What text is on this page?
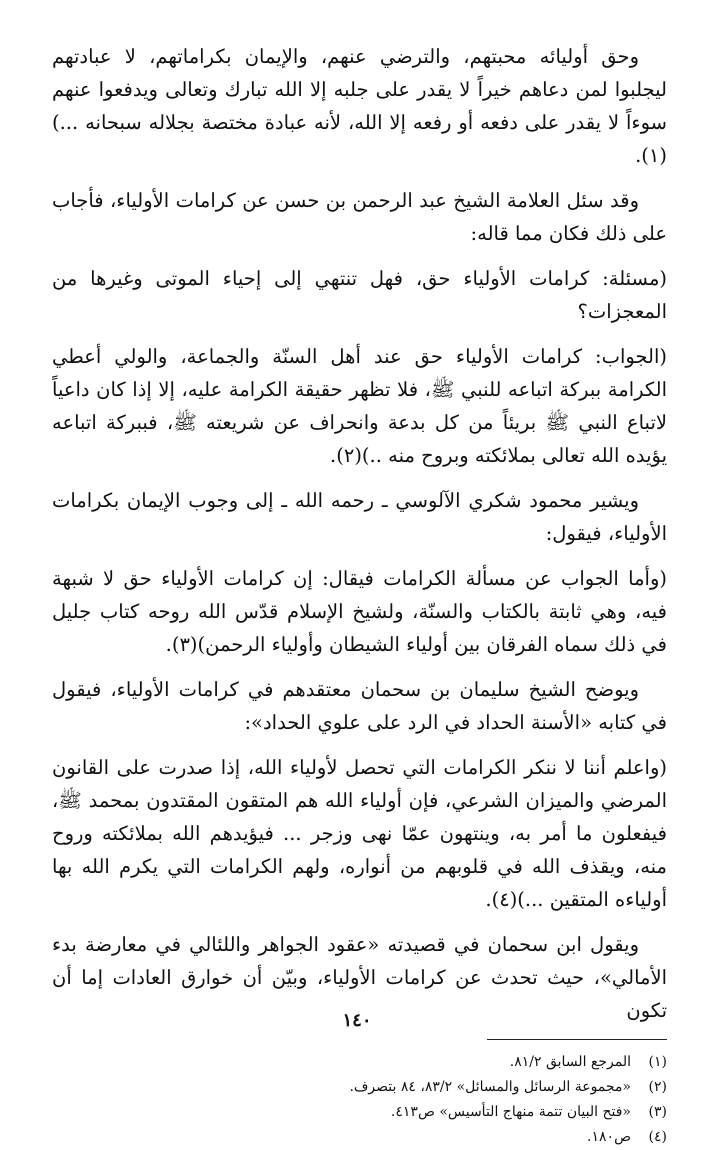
وحق أوليائه محبتهم، والترضي عنهم، والإيمان بكراماتهم، لا عبادتهم ليجلبوا لمن دعاهم خيراً لا يقدر على جلبه إلا الله تبارك وتعالى ويدفعوا عنهم سوءاً لا يقدر على دفعه أو رفعه إلا الله، لأنه عبادة مختصة بجلاله سبحانه ...)(١).

وقد سئل العلامة الشيخ عبد الرحمن بن حسن عن كرامات الأولياء، فأجاب على ذلك فكان مما قاله:

(مسئلة: كرامات الأولياء حق، فهل تنتهي إلى إحياء الموتى وغيرها من المعجزات؟

(الجواب: كرامات الأولياء حق عند أهل السنّة والجماعة، والولي أعطي الكرامة ببركة اتباعه للنبي ﷺ، فلا تظهر حقيقة الكرامة عليه، إلا إذا كان داعياً لاتباع النبي ﷺ بريئاً من كل بدعة وانحراف عن شريعته ﷺ، فببركة اتباعه يؤيده الله تعالى بملائكته وبروح منه ..)(٢).

ويشير محمود شكري الآلوسي ـ رحمه الله ـ إلى وجوب الإيمان بكرامات الأولياء، فيقول:

(وأما الجواب عن مسألة الكرامات فيقال: إن كرامات الأولياء حق لا شبهة فيه، وهي ثابتة بالكتاب والسنّة، ولشيخ الإسلام قدّس الله روحه كتاب جليل في ذلك سماه الفرقان بين أولياء الشيطان وأولياء الرحمن)(٣).

ويوضح الشيخ سليمان بن سحمان معتقدهم في كرامات الأولياء، فيقول في كتابه «الأسنة الحداد في الرد على علوي الحداد»:

(واعلم أننا لا ننكر الكرامات التي تحصل لأولياء الله، إذا صدرت على القانون المرضي والميزان الشرعي، فإن أولياء الله هم المتقون المقتدون بمحمد ﷺ، فيفعلون ما أمر به، وينتهون عمّا نهى وزجر ... فيؤيدهم الله بملائكته وروح منه، ويقذف الله في قلوبهم من أنواره، ولهم الكرامات التي يكرم الله بها أولياءه المتقين ...)(٤).

ويقول ابن سحمان في قصيدته «عقود الجواهر واللئالي في معارضة بدء الأمالي»، حيث تحدث عن كرامات الأولياء، وبيّن أن خوارق العادات إما أن تكون

(١)
المرجع السابق ٨١/٢.
(٢)
«مجموعة الرسائل والمسائل» ٨٣/٢، ٨٤ بتصرف.
(٣)
«فتح البيان تتمة منهاج التأسيس» ص٤١٣.
(٤)
ص١٨٠.
١٤٠
